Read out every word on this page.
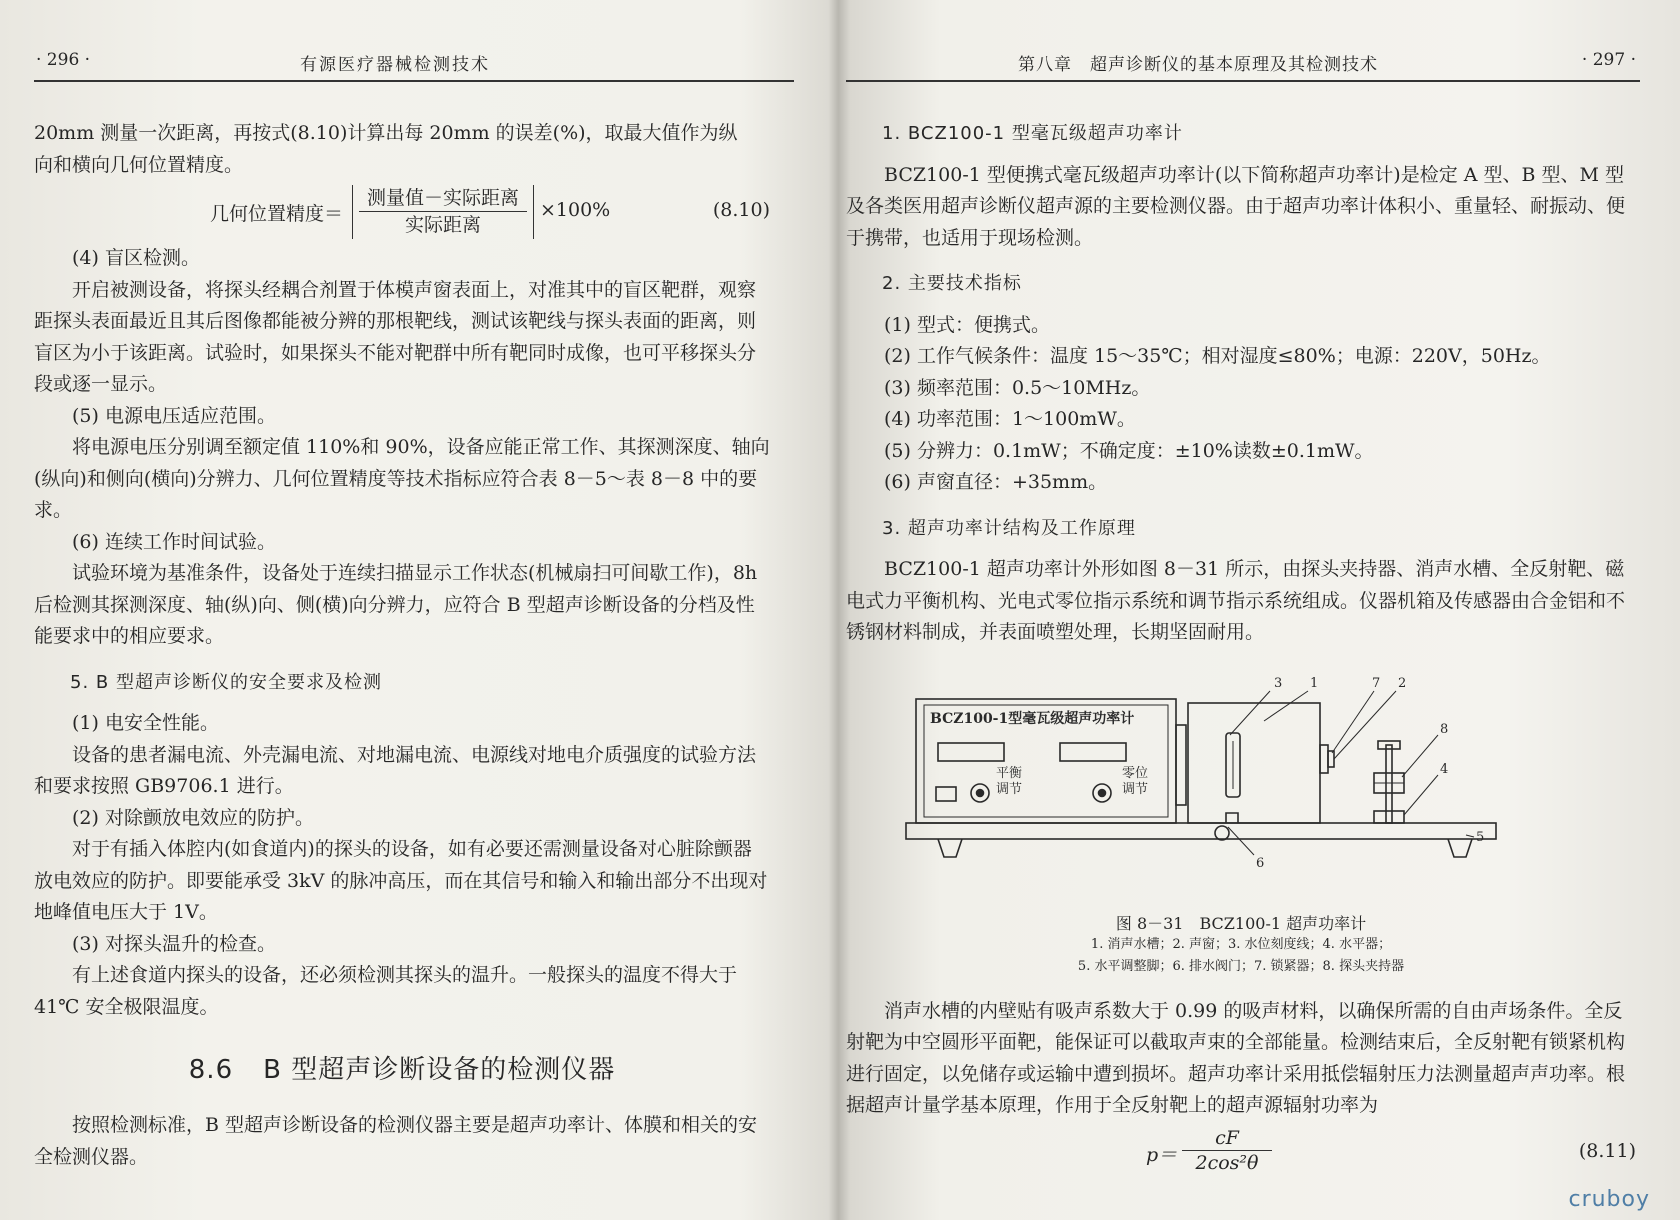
· 296 ·	有源医疗器械检测技术

20mm 测量一次距离，再按式(8.10)计算出每 20mm 的误差(%)，取最大值作为纵

向和横向几何位置精度。

几何位置精度＝
测量值－实际距离
实际距离
×100%	(8.10)

(4) 盲区检测。

开启被测设备，将探头经耦合剂置于体模声窗表面上，对准其中的盲区靶群，观察距探头表面最近且其后图像都能被分辨的那根靶线，测试该靶线与探头表面的距离，则盲区为小于该距离。试验时，如果探头不能对靶群中所有靶同时成像，也可平移探头分段或逐一显示。

(5) 电源电压适应范围。

将电源电压分别调至额定值 110%和 90%，设备应能正常工作、其探测深度、轴向(纵向)和侧向(横向)分辨力、几何位置精度等技术指标应符合表 8－5～表 8－8 中的要求。

(6) 连续工作时间试验。

试验环境为基准条件，设备处于连续扫描显示工作状态(机械扇扫可间歇工作)，8h 后检测其探测深度、轴(纵)向、侧(横)向分辨力，应符合 B 型超声诊断设备的分档及性能要求中的相应要求。

5. B 型超声诊断仪的安全要求及检测

(1) 电安全性能。

设备的患者漏电流、外壳漏电流、对地漏电流、电源线对地电介质强度的试验方法和要求按照 GB9706.1 进行。

(2) 对除颤放电效应的防护。

对于有插入体腔内(如食道内)的探头的设备，如有必要还需测量设备对心脏除颤器放电效应的防护。即要能承受 3kV 的脉冲高压，而在其信号和输入和输出部分不出现对地峰值电压大于 1V。

(3) 对探头温升的检查。

有上述食道内探头的设备，还必须检测其探头的温升。一般探头的温度不得大于 41℃ 安全极限温度。

8.6 B 型超声诊断设备的检测仪器

按照检测标准，B 型超声诊断设备的检测仪器主要是超声功率计、体膜和相关的安全检测仪器。

第八章　超声诊断仪的基本原理及其检测技术	· 297 ·

1. BCZ100-1 型毫瓦级超声功率计

BCZ100-1 型便携式毫瓦级超声功率计(以下简称超声功率计)是检定 A 型、B 型、M 型及各类医用超声诊断仪超声源的主要检测仪器。由于超声功率计体积小、重量轻、耐振动、便于携带，也适用于现场检测。

2. 主要技术指标

(1) 型式：便携式。

(2) 工作气候条件：温度 15～35℃；相对湿度≤80%；电源：220V，50Hz。

(3) 频率范围：0.5～10MHz。

(4) 功率范围：1～100mW。

(5) 分辨力：0.1mW；不确定度：±10%读数±0.1mW。

(6) 声窗直径：+35mm。

3. 超声功率计结构及工作原理

BCZ100-1 超声功率计外形如图 8－31 所示，由探头夹持器、消声水槽、全反射靶、磁电式力平衡机构、光电式零位指示系统和调节指示系统组成。仪器机箱及传感器由合金铝和不锈钢材料制成，并表面喷塑处理，长期坚固耐用。

BCZ100-1型毫瓦级超声功率计
平衡
调节
零位
调节
3 1	7 2
8
4
5
6
图 8－31　BCZ100-1 超声功率计
1. 消声水槽；2. 声窗；3. 水位刻度线；4. 水平器；
5. 水平调整脚；6. 排水阀门；7. 锁紧器；8. 探头夹持器

消声水槽的内壁贴有吸声系数大于 0.99 的吸声材料，以确保所需的自由声场条件。全反射靶为中空圆形平面靶，能保证可以截取声束的全部能量。检测结束后，全反射靶有锁紧机构进行固定，以免储存或运输中遭到损坏。超声功率计采用抵偿辐射压力法测量超声声功率。根据超声计量学基本原理，作用于全反射靶上的超声源辐射功率为

p＝
cF
2cos²θ
(8.11)
cruboy
